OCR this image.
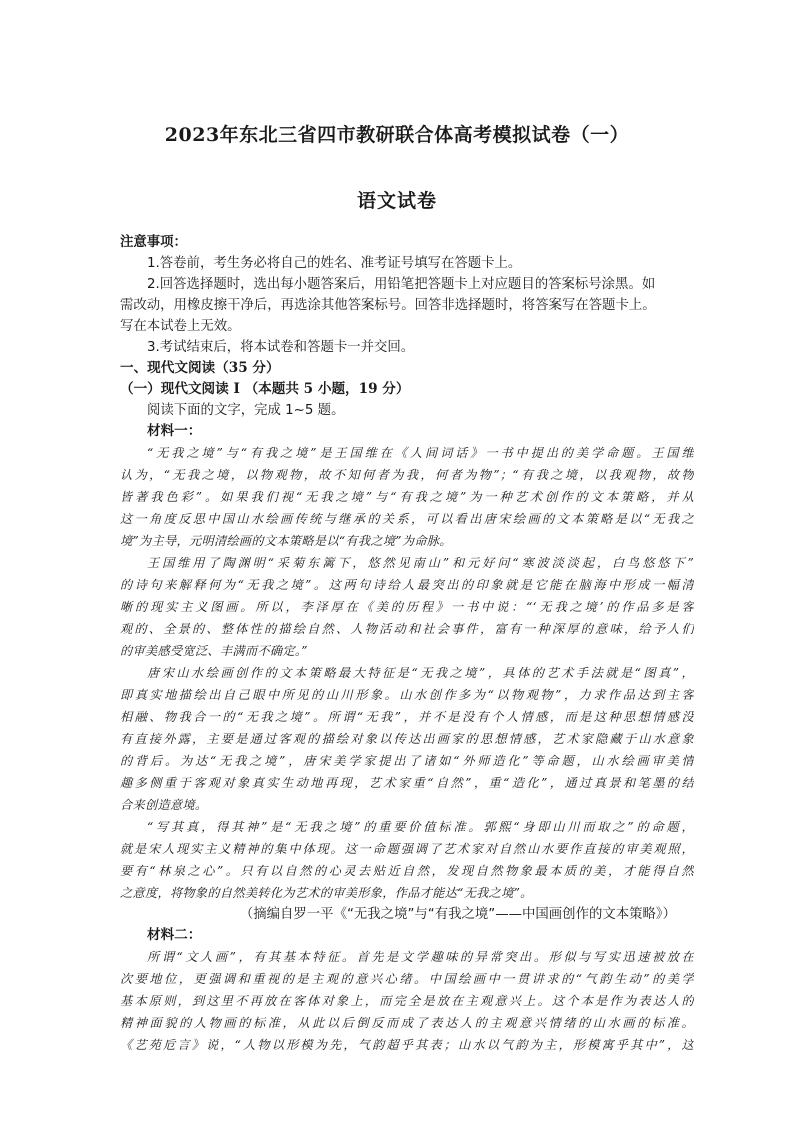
2023年东北三省四市教研联合体高考模拟试卷（一）
语文试卷
注意事项：
1.答卷前，考生务必将自己的姓名、准考证号填写在答题卡上。
2.回答选择题时，选出每小题答案后，用铅笔把答题卡上对应题目的答案标号涂黑。如
需改动，用橡皮擦干净后，再选涂其他答案标号。回答非选择题时，将答案写在答题卡上。
写在本试卷上无效。
3.考试结束后，将本试卷和答题卡一并交回。
一、现代文阅读（35 分）
（一）现代文阅读 I （本题共 5 小题，19 分）
阅读下面的文字，完成 1~5 题。
材料一：
“无我之境”与“有我之境”是王国维在《人间词话》一书中提出的美学命题。王国维
认为，“无我之境，以物观物，故不知何者为我，何者为物”；“有我之境，以我观物，故物
皆著我色彩”。如果我们视“无我之境”与“有我之境”为一种艺术创作的文本策略，并从
这一角度反思中国山水绘画传统与继承的关系，可以看出唐宋绘画的文本策略是以“无我之
境”为主导，元明清绘画的文本策略是以“有我之境”为命脉。
王国维用了陶渊明“采菊东篱下，悠然见南山”和元好问“寒波淡淡起，白鸟悠悠下”
的诗句来解释何为“无我之境”。这两句诗给人最突出的印象就是它能在脑海中形成一幅清
晰的现实主义图画。所以，李泽厚在《美的历程》一书中说：“‘无我之境’的作品多是客
观的、全景的、整体性的描绘自然、人物活动和社会事件，富有一种深厚的意味，给予人们
的审美感受宽泛、丰满而不确定。”
唐宋山水绘画创作的文本策略最大特征是“无我之境”，具体的艺术手法就是“图真”，
即真实地描绘出自己眼中所见的山川形象。山水创作多为“以物观物”，力求作品达到主客
相融、物我合一的“无我之境”。所谓“无我”，并不是没有个人情感，而是这种思想情感没
有直接外露，主要是通过客观的描绘对象以传达出画家的思想情感，艺术家隐藏于山水意象
的背后。为达“无我之境”，唐宋美学家提出了诸如“外师造化”等命题，山水绘画审美情
趣多侧重于客观对象真实生动地再现，艺术家重“自然”，重“造化”，通过真景和笔墨的结
合来创造意境。
“写其真，得其神”是“无我之境”的重要价值标准。郭熙“身即山川而取之”的命题，
就是宋人现实主义精神的集中体现。这一命题强调了艺术家对自然山水要作直接的审美观照，
要有“林泉之心”。只有以自然的心灵去贴近自然，发现自然物象最本质的美，才能得自然
之意度，将物象的自然美转化为艺术的审美形象，作品才能达“无我之境”。
（摘编自罗一平《“无我之境”与“有我之境”——中国画创作的文本策略》）
材料二：
所谓“文人画”，有其基本特征。首先是文学趣味的异常突出。形似与写实迅速被放在
次要地位，更强调和重视的是主观的意兴心绪。中国绘画中一贯讲求的“气韵生动”的美学
基本原则，到这里不再放在客体对象上，而完全是放在主观意兴上。这个本是作为表达人的
精神面貌的人物画的标准，从此以后倒反而成了表达人的主观意兴情绪的山水画的标准。
《艺苑卮言》说，“人物以形模为先，气韵超乎其表；山水以气韵为主，形模寓乎其中”，这
